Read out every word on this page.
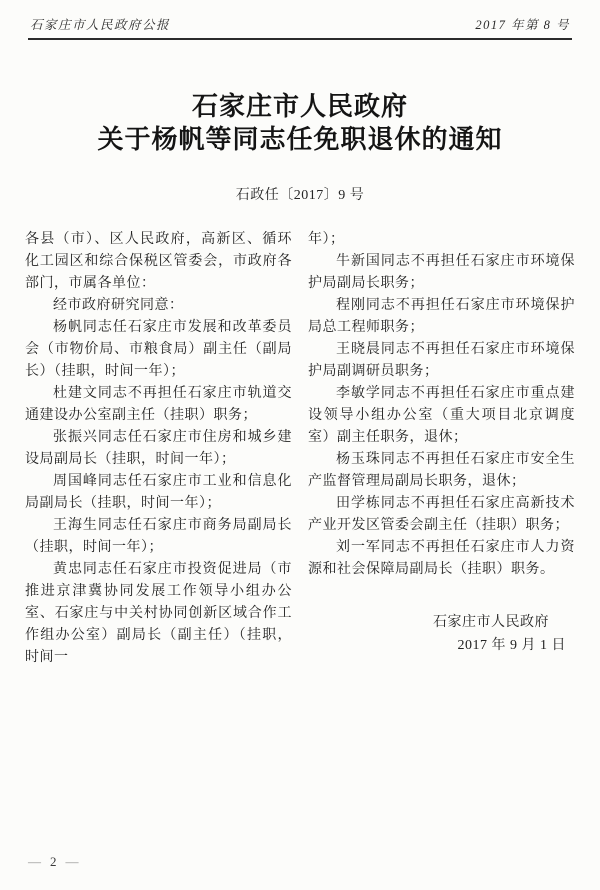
石家庄市人民政府公报	2017 年第 8 号
石家庄市人民政府
关于杨帆等同志任免职退休的通知
石政任〔2017〕9 号

各县（市）、区人民政府，高新区、循环化工园区和综合保税区管委会，市政府各部门，市属各单位：

经市政府研究同意：

杨帆同志任石家庄市发展和改革委员会（市物价局、市粮食局）副主任（副局长）（挂职，时间一年）；

杜建文同志不再担任石家庄市轨道交通建设办公室副主任（挂职）职务；

张振兴同志任石家庄市住房和城乡建设局副局长（挂职，时间一年）；

周国峰同志任石家庄市工业和信息化局副局长（挂职，时间一年）；

王海生同志任石家庄市商务局副局长（挂职，时间一年）；

黄忠同志任石家庄市投资促进局（市推进京津冀协同发展工作领导小组办公室、石家庄与中关村协同创新区域合作工作组办公室）副局长（副主任）（挂职，时间一

年）；

牛新国同志不再担任石家庄市环境保护局副局长职务；

程刚同志不再担任石家庄市环境保护局总工程师职务；

王晓晨同志不再担任石家庄市环境保护局副调研员职务；

李敏学同志不再担任石家庄市重点建设领导小组办公室（重大项目北京调度室）副主任职务，退休；

杨玉珠同志不再担任石家庄市安全生产监督管理局副局长职务，退休；

田学栋同志不再担任石家庄高新技术产业开发区管委会副主任（挂职）职务；

刘一军同志不再担任石家庄市人力资源和社会保障局副局长（挂职）职务。

石家庄市人民政府
2017 年 9 月 1 日
— 2 —
